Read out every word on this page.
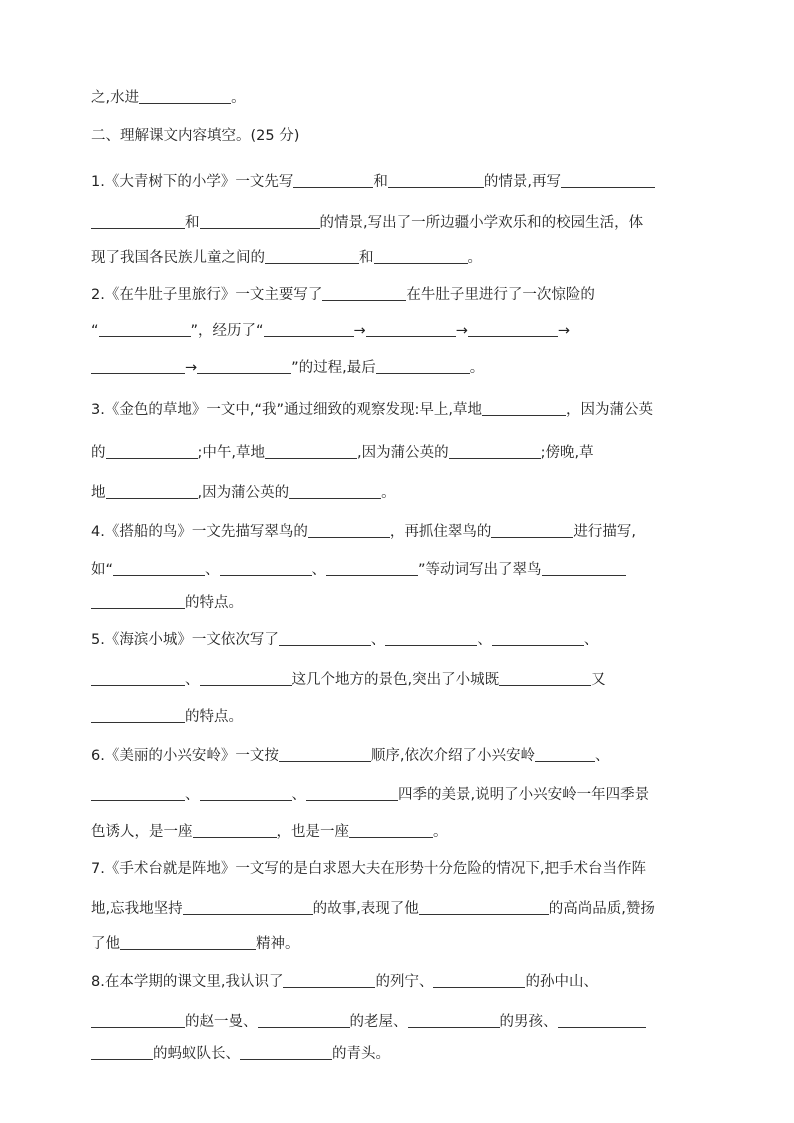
之,水进	。
二、理解课文内容填空。(25 分)
1.《大青树下的小学》一文先写	和	的情景,再写
和	的情景,写出了一所边疆小学欢乐和的校园生活，体
现了我国各民族儿童之间的	和	。
2.《在牛肚子里旅行》一文主要写了	在牛肚子里进行了一次惊险的
“	”，经历了“	→	→	→
→	”的过程,最后	。
3.《金色的草地》一文中,“我”通过细致的观察发现:早上,草地	，因为蒲公英
的	;中午,草地	,因为蒲公英的	;傍晚,草
地	,因为蒲公英的	。
4.《搭船的鸟》一文先描写翠鸟的	，再抓住翠鸟的	进行描写,
如“	、	、	”等动词写出了翠鸟
的特点。
5.《海滨小城》一文依次写了	、	、	、
、	这几个地方的景色,突出了小城既	又
的特点。
6.《美丽的小兴安岭》一文按	顺序,依次介绍了小兴安岭	、
、	、	四季的美景,说明了小兴安岭一年四季景
色诱人，是一座	，也是一座	。
7.《手术台就是阵地》一文写的是白求恩大夫在形势十分危险的情况下,把手术台当作阵
地,忘我地坚持	的故事,表现了他	的高尚品质,赞扬
了他	精神。
8.在本学期的课文里,我认识了	的列宁、	的孙中山、
的赵一曼、	的老屋、	的男孩、
的蚂蚁队长、	的青头。
